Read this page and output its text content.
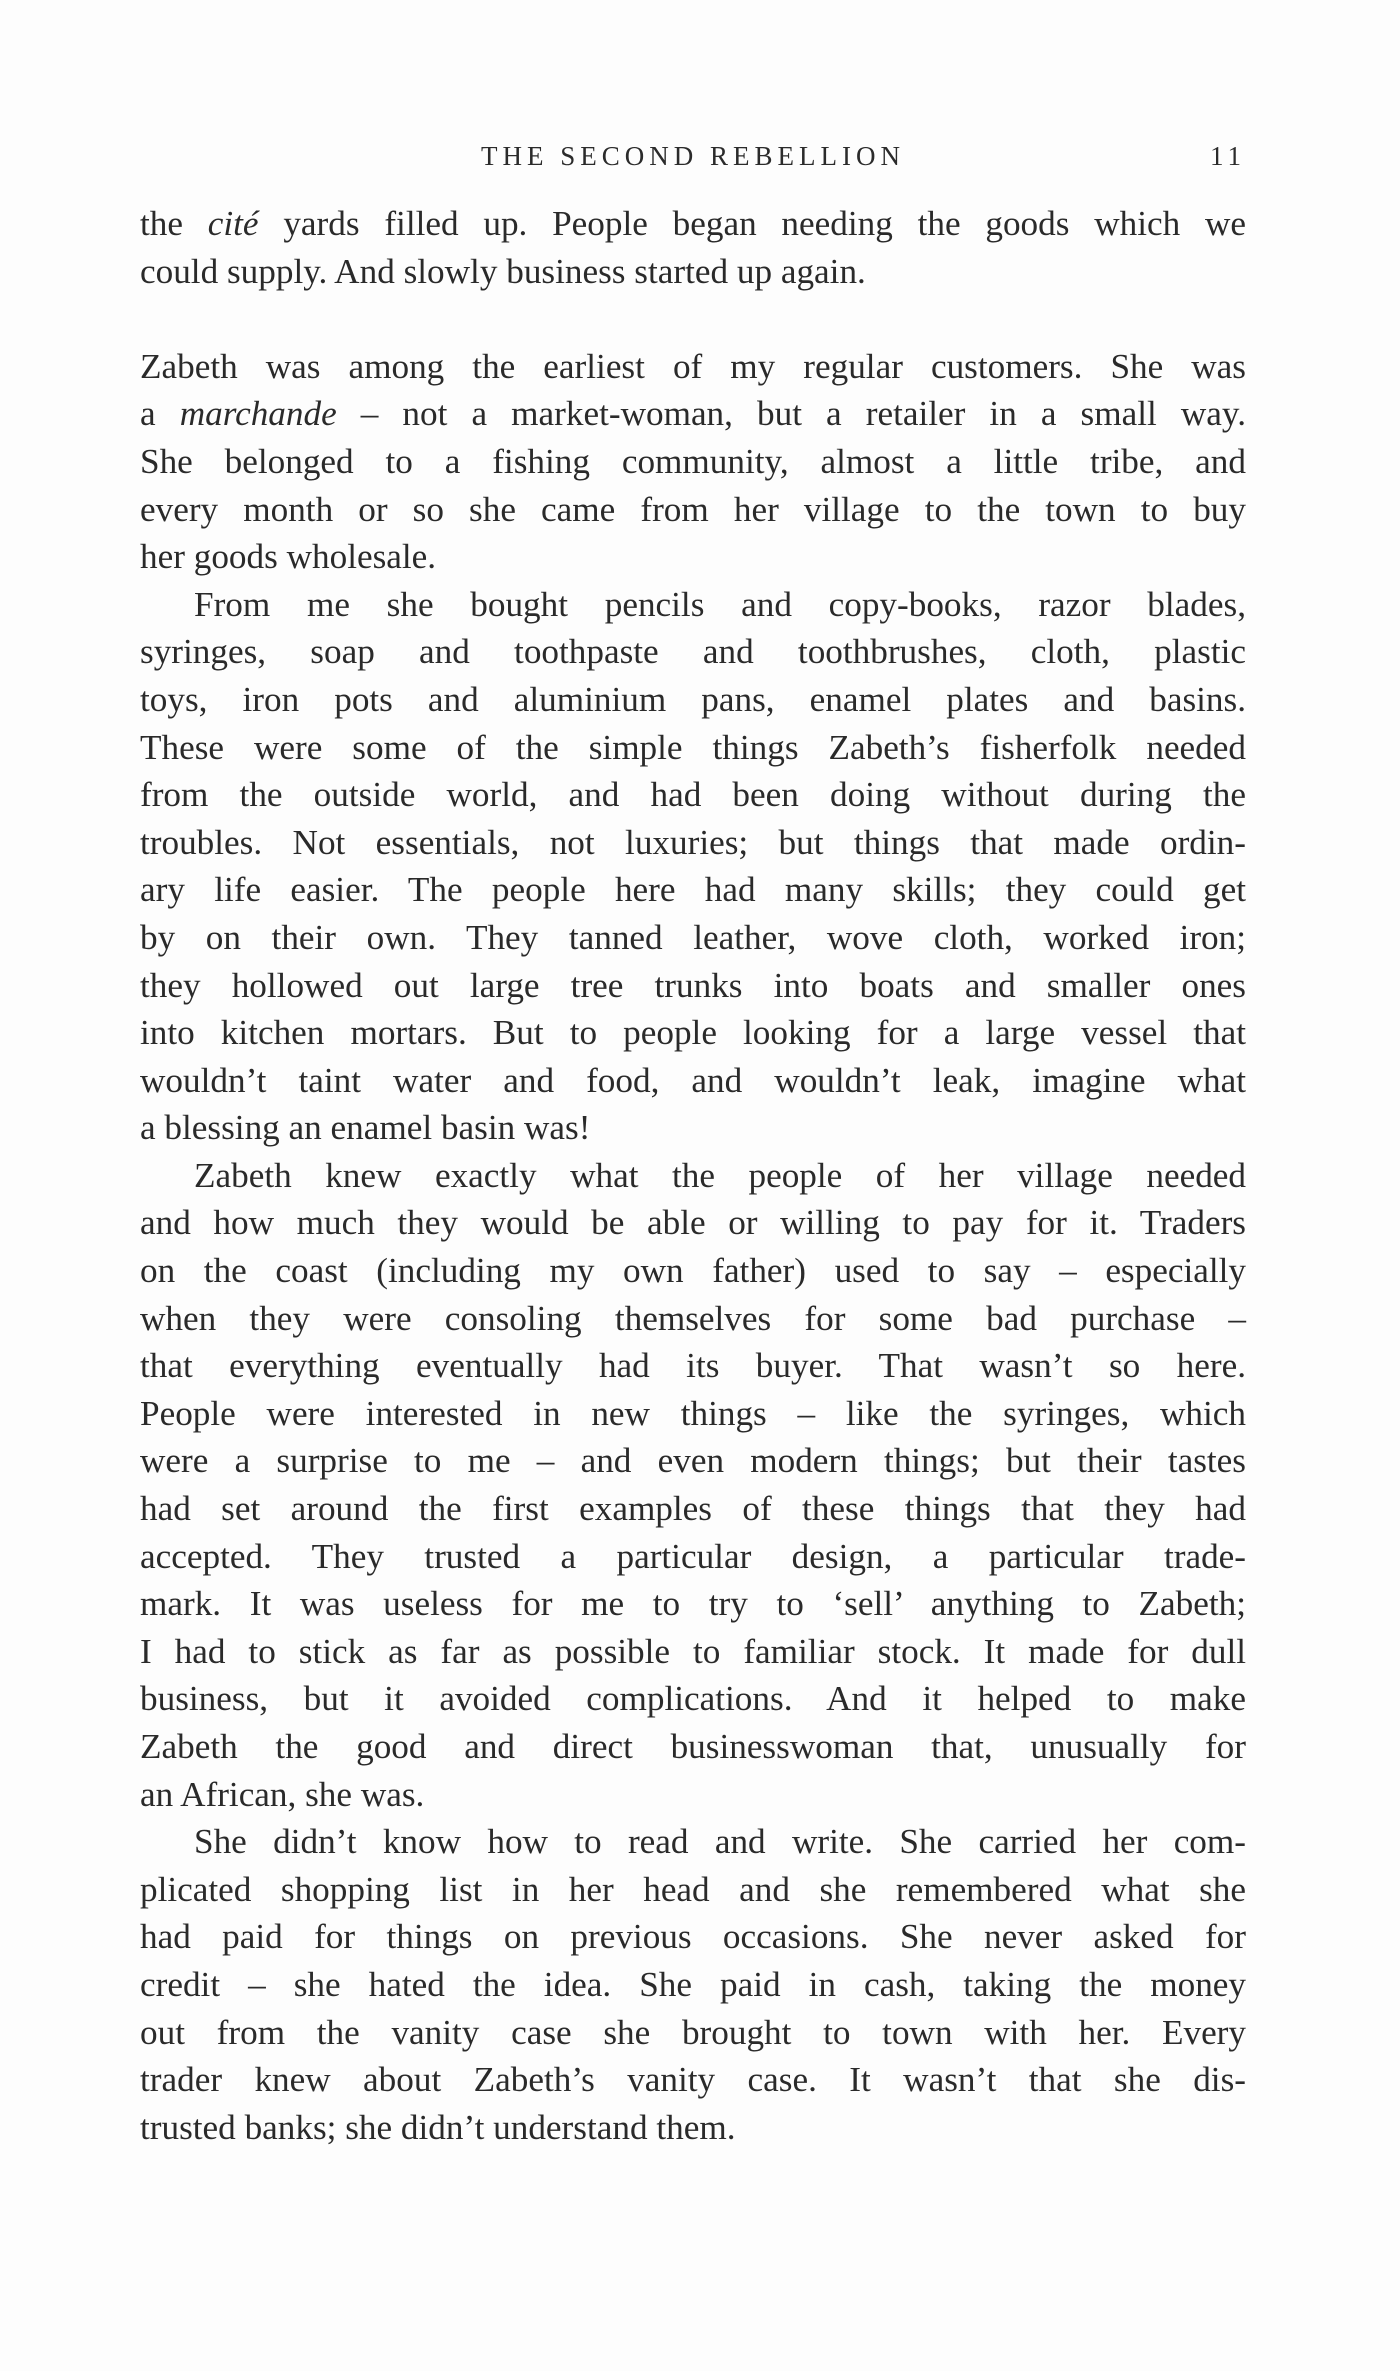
THE SECOND REBELLION	11

the cité yards filled up. People began needing the goods which we
could supply. And slowly business started up again.

Zabeth was among the earliest of my regular customers. She was
a marchande – not a market-woman, but a retailer in a small way.
She belonged to a fishing community, almost a little tribe, and
every month or so she came from her village to the town to buy
her goods wholesale.

From me she bought pencils and copy-books, razor blades,
syringes, soap and toothpaste and toothbrushes, cloth, plastic
toys, iron pots and aluminium pans, enamel plates and basins.
These were some of the simple things Zabeth’s fisherfolk needed
from the outside world, and had been doing without during the
troubles. Not essentials, not luxuries; but things that made ordin-
ary life easier. The people here had many skills; they could get
by on their own. They tanned leather, wove cloth, worked iron;
they hollowed out large tree trunks into boats and smaller ones
into kitchen mortars. But to people looking for a large vessel that
wouldn’t taint water and food, and wouldn’t leak, imagine what
a blessing an enamel basin was!

Zabeth knew exactly what the people of her village needed
and how much they would be able or willing to pay for it. Traders
on the coast (including my own father) used to say – especially
when they were consoling themselves for some bad purchase –
that everything eventually had its buyer. That wasn’t so here.
People were interested in new things – like the syringes, which
were a surprise to me – and even modern things; but their tastes
had set around the first examples of these things that they had
accepted. They trusted a particular design, a particular trade-
mark. It was useless for me to try to ‘sell’ anything to Zabeth;
I had to stick as far as possible to familiar stock. It made for dull
business, but it avoided complications. And it helped to make
Zabeth the good and direct businesswoman that, unusually for
an African, she was.

She didn’t know how to read and write. She carried her com-
plicated shopping list in her head and she remembered what she
had paid for things on previous occasions. She never asked for
credit – she hated the idea. She paid in cash, taking the money
out from the vanity case she brought to town with her. Every
trader knew about Zabeth’s vanity case. It wasn’t that she dis-
trusted banks; she didn’t understand them.
